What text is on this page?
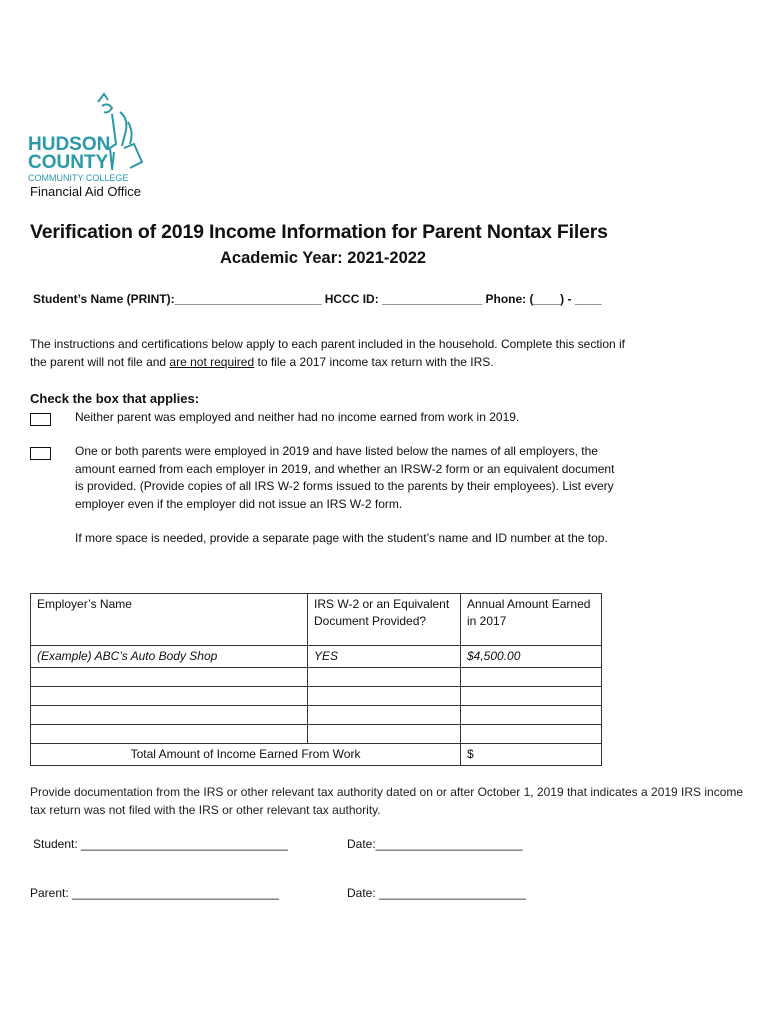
HUDSON
COUNTY
COMMUNITY COLLEGE
Financial Aid Office
Verification of 2019 Income Information for Parent Nontax Filers
Academic Year: 2021-2022
Student’s Name (PRINT):______________________ HCCC ID: _______________ Phone: (____) - ____
The instructions and certifications below apply to each parent included in the household. Complete this section if the parent will not file and are not required to file a 2017 income tax return with the IRS.
Check the box that applies:
Neither parent was employed and neither had no income earned from work in 2019.
One or both parents were employed in 2019 and have listed below the names of all employers, the amount earned from each employer in 2019, and whether an IRSW-2 form or an equivalent document is provided. (Provide copies of all IRS W-2 forms issued to the parents by their employees). List every employer even if the employer did not issue an IRS W-2 form.
If more space is needed, provide a separate page with the student’s name and ID number at the top.
Employer’s Name	IRS W-2 or an Equivalent Document Provided?	Annual Amount Earned in 2017
(Example) ABC’s Auto Body Shop	YES	$4,500.00

Total Amount of Income Earned From Work		$
Provide documentation from the IRS or other relevant tax authority dated on or after October 1, 2019 that indicates a 2019 IRS income tax return was not filed with the IRS or other relevant tax authority.
Student: _______________________________	Date:______________________
Parent: _______________________________	Date: ______________________
